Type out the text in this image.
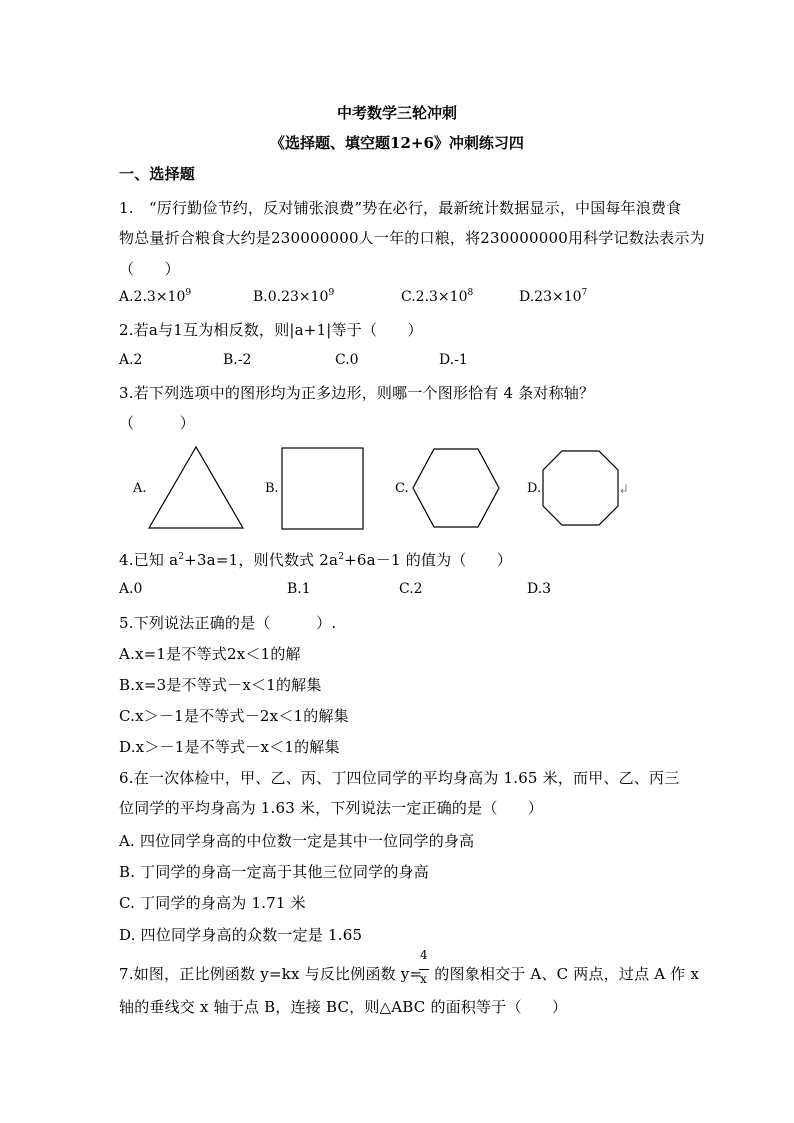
中考数学三轮冲刺
《选择题、填空题12+6》冲刺练习四
一、选择题
1.　“厉行勤俭节约，反对铺张浪费”势在必行，最新统计数据显示，中国每年浪费食
物总量折合粮食大约是230000000人一年的口粮，将230000000用科学记数法表示为
（　　）
$A.2.3\times 10^9$	$B.0.23\times 10^9$	$C.2.3\times 10^8$	$D.23\times 10^7$
2.若a与1互为相反数，则|a+1|等于（　　）
A.2	B.-2	C.0	D.-1
3.若下列选项中的图形均为正多边形，则哪一个图形恰有 4 条对称轴？
（　　　）
A.	B.	C.	D.
4.已知 $a^2+3a=1$，则代数式 $2a^2+6a-1$ 的值为（　　）
A.0	B.1	C.2	D.3
5.下列说法正确的是（　　　）.
A.x=1是不等式2x＜1的解
B.x=3是不等式－x＜1的解集
C.x＞－1是不等式－2x＜1的解集
D.x＞－1是不等式－x＜1的解集
6.在一次体检中，甲、乙、丙、丁四位同学的平均身高为 1.65 米，而甲、乙、丙三
位同学的平均身高为 1.63 米，下列说法一定正确的是（　　）
A. 四位同学身高的中位数一定是其中一位同学的身高
B. 丁同学的身高一定高于其他三位同学的身高
C. 丁同学的身高为 1.71 米
D. 四位同学身高的众数一定是 1.65
7.如图，正比例函数 y=kx 与反比例函数 y= 的图象相交于 A、C 两点，过点 A 作 x
4
x
轴的垂线交 x 轴于点 B，连接 BC，则△ABC 的面积等于（　　）
